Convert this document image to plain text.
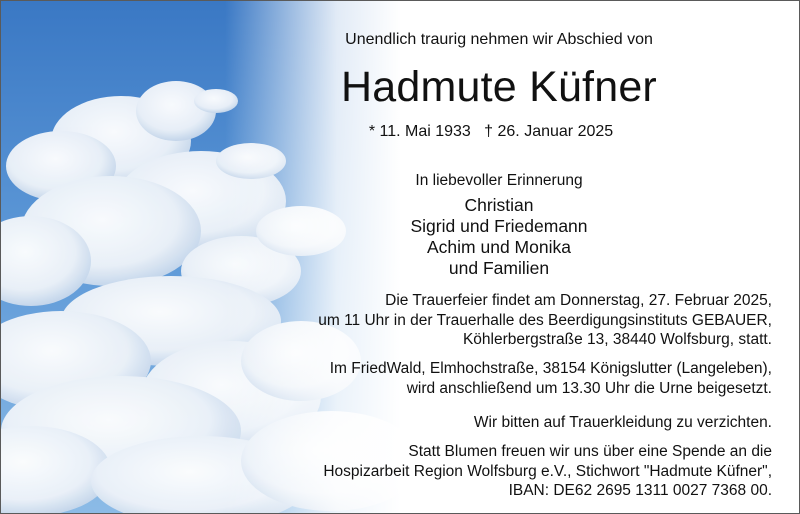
Unendlich traurig nehmen wir Abschied von
Hadmute Küfner
* 11. Mai 1933   † 26. Januar 2025
In liebevoller Erinnerung
Christian
Sigrid und Friedemann
Achim und Monika
und Familien
Die Trauerfeier findet am Donnerstag, 27. Februar 2025,
um 11 Uhr in der Trauerhalle des Beerdigungsinstituts GEBAUER,
Köhlerbergstraße 13, 38440 Wolfsburg, statt.
Im FriedWald, Elmhochstraße, 38154 Königslutter (Langeleben),
wird anschließend um 13.30 Uhr die Urne beigesetzt.
Wir bitten auf Trauerkleidung zu verzichten.
Statt Blumen freuen wir uns über eine Spende an die
Hospizarbeit Region Wolfsburg e.V., Stichwort "Hadmute Küfner",
IBAN: DE62 2695 1311 0027 7368 00.
